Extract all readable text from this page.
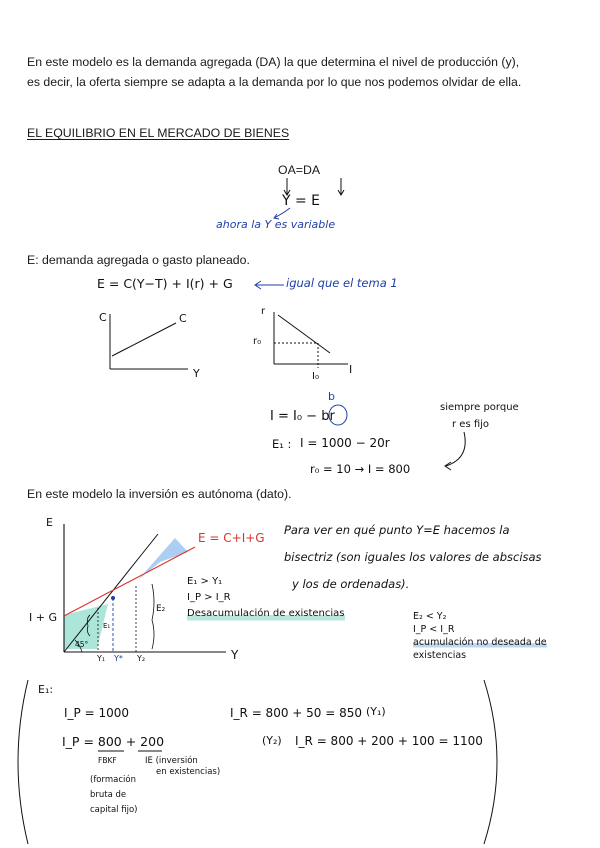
En este modelo es la demanda agregada (DA) la que determina el nivel de producción (y),
es decir, la oferta siempre se adapta a la demanda por lo que nos podemos olvidar de ella.
EL EQUILIBRIO EN EL MERCADO DE BIENES
OA=DA
Y = E
ahora la Y es variable
E: demanda agregada o gasto planeado.
E = C(Y−T) + I(r) + G	igual que el tema 1
C	C
Y
r
r₀
I₀
I
b
I = I₀ − br
E₁ : I = 1000 − 20r
r₀ = 10 → I = 800
siempre porque
r es fijo
En este modelo la inversión es autónoma (dato).
E
I + G
E = C+I+G
45°
Y₁ Y* Y₂
E₁
E₂
Y
Para ver en qué punto Y=E hacemos la
bisectriz (son iguales los valores de abscisas
y los de ordenadas).
E₁ > Y₁
I_P > I_R
Desacumulación de existencias	E₂ < Y₂
I_P < I_R
acumulación no deseada de
existencias
E₁:
I_P = 1000	I_R = 800 + 50 = 850 (Y₁)
I_P = 800 + 200	(Y₂) I_R = 800 + 200 + 100 = 1100
FBKF	IE (inversión
en existencias)
(formación
bruta de
capital fijo)
